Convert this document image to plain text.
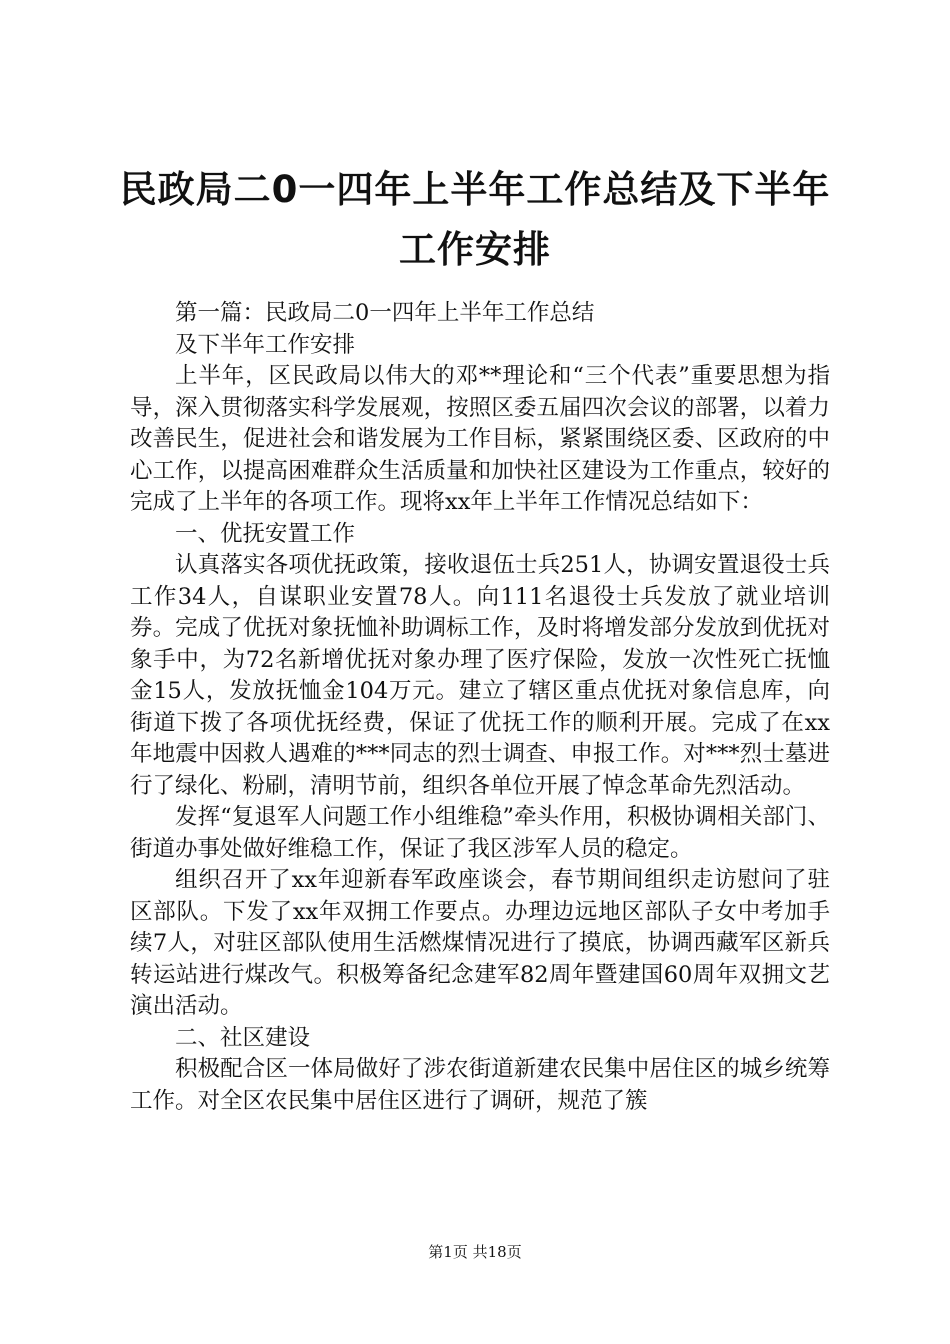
民政局二0一四年上半年工作总结及下半年工作安排

第一篇：民政局二0一四年上半年工作总结

及下半年工作安排

上半年，区民政局以伟大的邓**理论和“三个代表”重要思想为指导，深入贯彻落实科学发展观，按照区委五届四次会议的部署，以着力改善民生，促进社会和谐发展为工作目标，紧紧围绕区委、区政府的中心工作，以提高困难群众生活质量和加快社区建设为工作重点，较好的完成了上半年的各项工作。现将xx年上半年工作情况总结如下：

一、优抚安置工作

认真落实各项优抚政策，接收退伍士兵251人，协调安置退役士兵工作34人，自谋职业安置78人。向111名退役士兵发放了就业培训券。完成了优抚对象抚恤补助调标工作，及时将增发部分发放到优抚对象手中，为72名新增优抚对象办理了医疗保险，发放一次性死亡抚恤金15人，发放抚恤金104万元。建立了辖区重点优抚对象信息库，向街道下拨了各项优抚经费，保证了优抚工作的顺利开展。完成了在xx年地震中因救人遇难的***同志的烈士调查、申报工作。对***烈士墓进行了绿化、粉刷，清明节前，组织各单位开展了悼念革命先烈活动。

发挥“复退军人问题工作小组维稳”牵头作用，积极协调相关部门、街道办事处做好维稳工作，保证了我区涉军人员的稳定。

组织召开了xx年迎新春军政座谈会，春节期间组织走访慰问了驻区部队。下发了xx年双拥工作要点。办理边远地区部队子女中考加手续7人，对驻区部队使用生活燃煤情况进行了摸底，协调西藏军区新兵转运站进行煤改气。积极筹备纪念建军82周年暨建国60周年双拥文艺演出活动。

二、社区建设

积极配合区一体局做好了涉农街道新建农民集中居住区的城乡统筹工作。对全区农民集中居住区进行了调研，规范了簇

第1页 共18页
